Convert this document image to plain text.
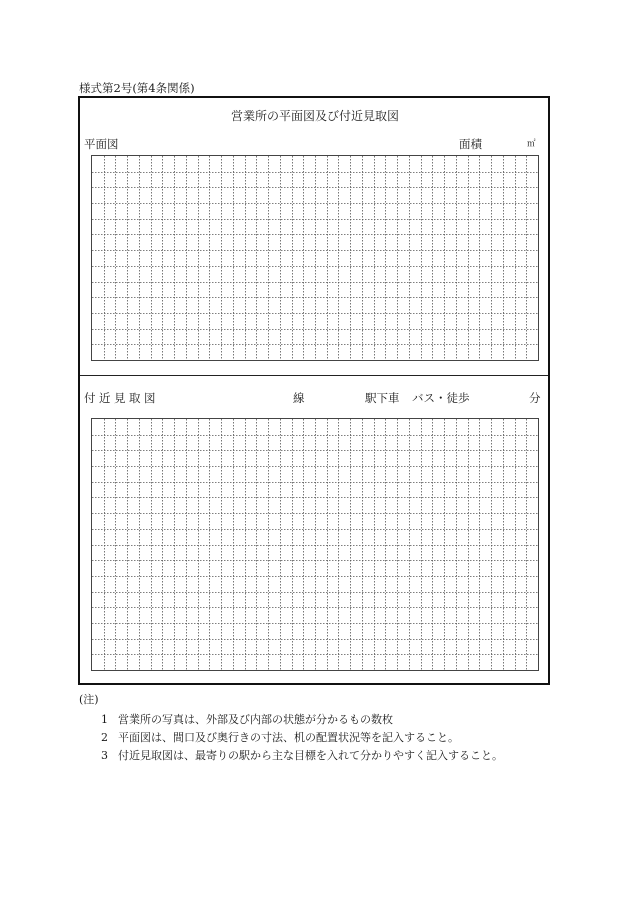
様式第2号(第4条関係)
営業所の平面図及び付近見取図
平面図	面積	㎡
付近見取図	線	駅下車 バス・徒歩	分
(注)
1 営業所の写真は、外部及び内部の状態が分かるもの数枚
2 平面図は、間口及び奥行きの寸法、机の配置状況等を記入すること。
3 付近見取図は、最寄りの駅から主な目標を入れて分かりやすく記入すること。
